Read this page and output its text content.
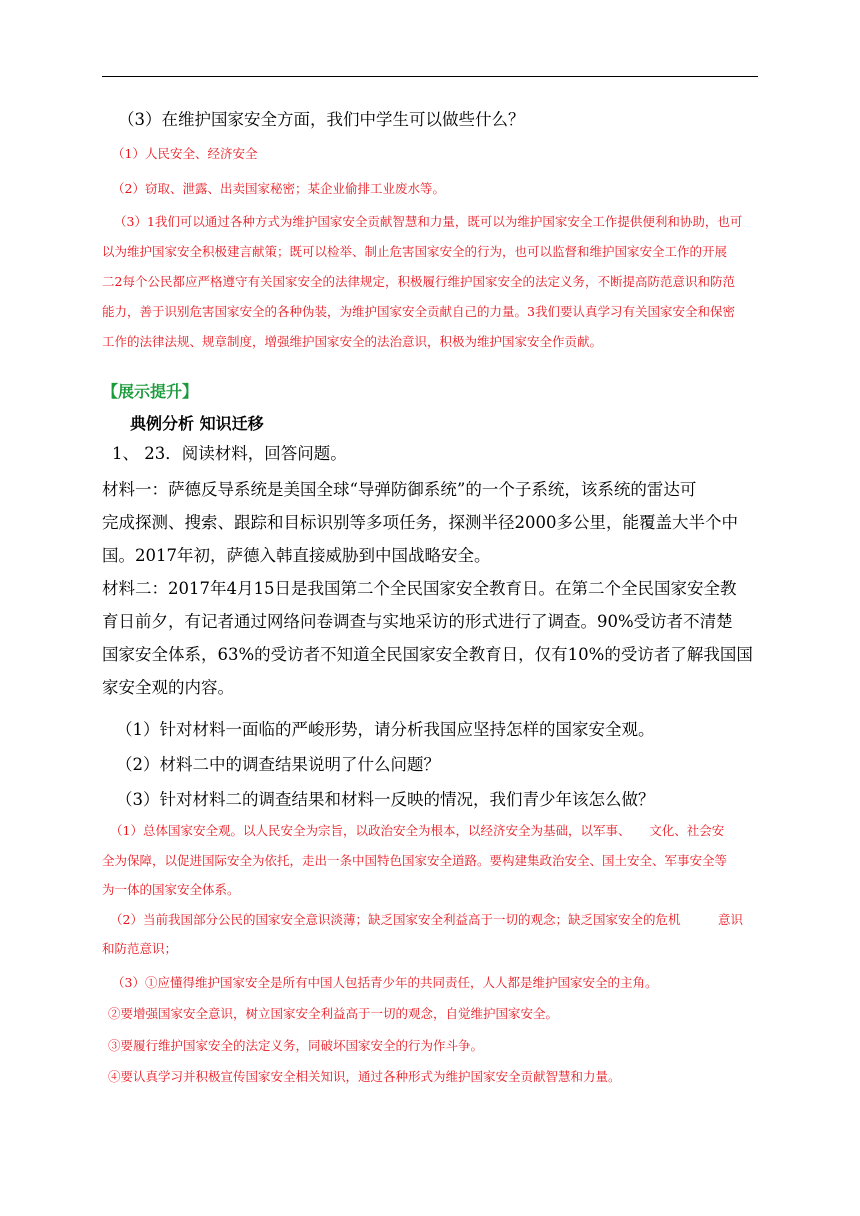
（3）在维护国家安全方面，我们中学生可以做些什么？
（1）人民安全、经济安全
（2）窃取、泄露、出卖国家秘密；某企业偷排工业废水等。
（3）1我们可以通过各种方式为维护国家安全贡献智慧和力量，既可以为维护国家安全工作提供便利和协助，也可
以为维护国家安全积极建言献策；既可以检举、制止危害国家安全的行为，也可以监督和维护国家安全工作的开展
二2每个公民都应严格遵守有关国家安全的法律规定，积极履行维护国家安全的法定义务，不断提高防范意识和防范
能力，善于识别危害国家安全的各种伪装，为维护国家安全贡献自己的力量。3我们要认真学习有关国家安全和保密
工作的法律法规、规章制度，增强维护国家安全的法治意识，积极为维护国家安全作贡献。
【展示提升】
典例分析 知识迁移
1、 23．阅读材料，回答问题。
材料一：萨德反导系统是美国全球“导弹防御系统”的一个子系统，该系统的雷达可
完成探测、搜索、跟踪和目标识别等多项任务，探测半径2000多公里，能覆盖大半个中
国。2017年初，萨德入韩直接威胁到中国战略安全。
材料二：2017年4月15日是我国第二个全民国家安全教育日。在第二个全民国家安全教
育日前夕，有记者通过网络问卷调查与实地采访的形式进行了调查。90%受访者不清楚
国家安全体系，63%的受访者不知道全民国家安全教育日，仅有10%的受访者了解我国国
家安全观的内容。
（1）针对材料一面临的严峻形势，请分析我国应坚持怎样的国家安全观。
（2）材料二中的调查结果说明了什么问题？
（3）针对材料二的调查结果和材料一反映的情况，我们青少年该怎么做？
（1）总体国家安全观。以人民安全为宗旨，以政治安全为根本，以经济安全为基础，以军事、　　文化、社会安
全为保障，以促进国际安全为依托，走出一条中国特色国家安全道路。要构建集政治安全、国土安全、军事安全等
为一体的国家安全体系。
（2）当前我国部分公民的国家安全意识淡薄；缺乏国家安全利益高于一切的观念；缺乏国家安全的危机　　　意识
和防范意识；
（3）①应懂得维护国家安全是所有中国人包括青少年的共同责任，人人都是维护国家安全的主角。
②要增强国家安全意识，树立国家安全利益高于一切的观念，自觉维护国家安全。
③要履行维护国家安全的法定义务，同破坏国家安全的行为作斗争。
④要认真学习并积极宣传国家安全相关知识，通过各种形式为维护国家安全贡献智慧和力量。
